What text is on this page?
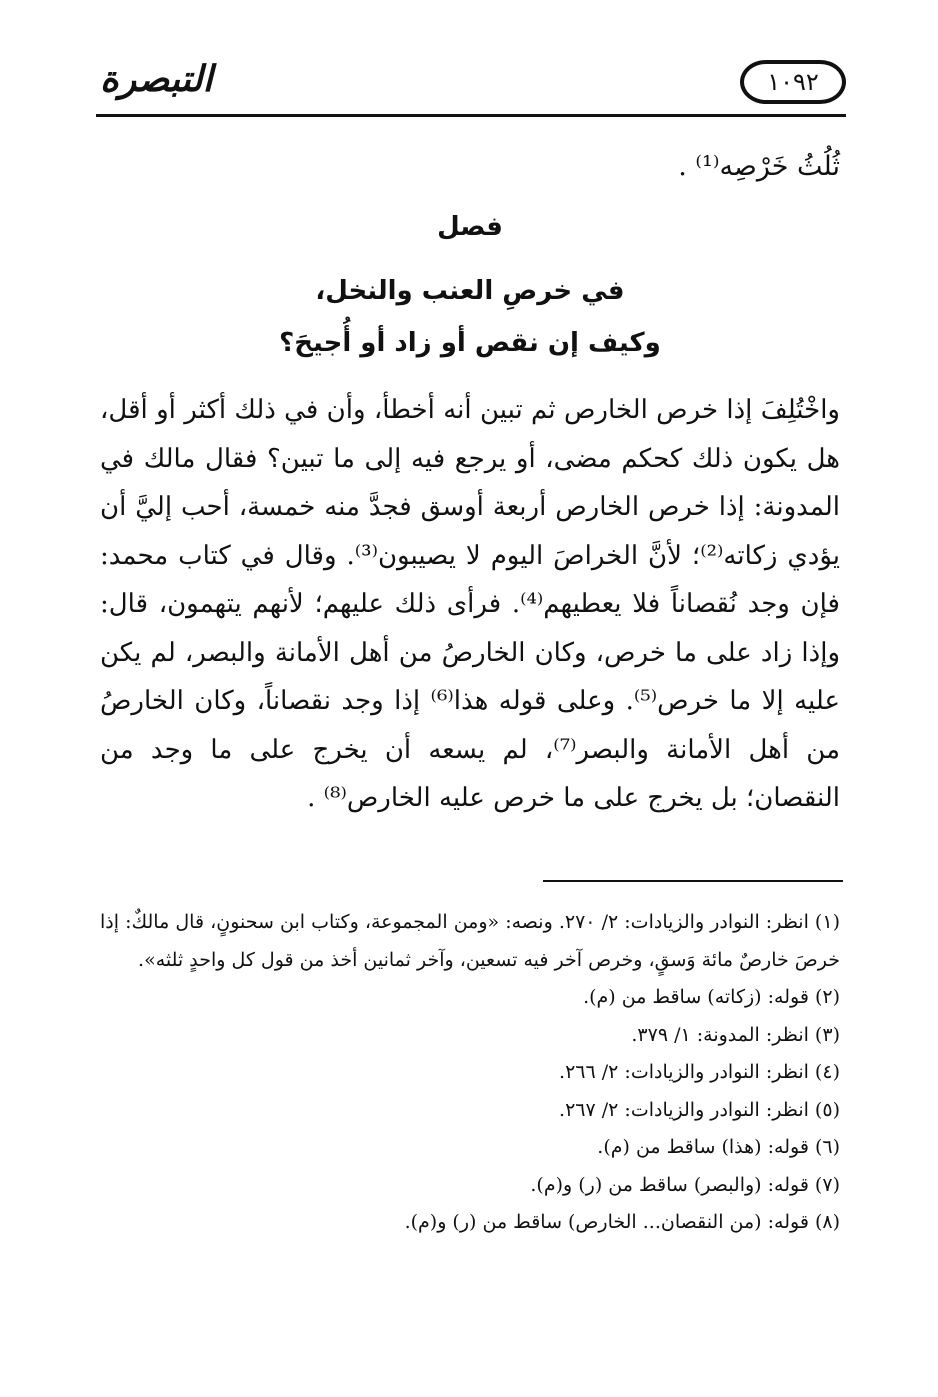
التبصرة	١٠٩٢
ثُلُثُ خَرْصِه⁽¹⁾ .
فصل
في خرصِ العنب والنخل،
وكيف إن نقص أو زاد أو أُجيحَ؟
واخْتُلِفَ إذا خرص الخارص ثم تبين أنه أخطأ، وأن في ذلك أكثر أو أقل، هل يكون ذلك كحكم مضى، أو يرجع فيه إلى ما تبين؟ فقال مالك في المدونة: إذا خرص الخارص أربعة أوسق فجدَّ منه خمسة، أحب إليَّ أن يؤدي زكاته⁽²⁾؛ لأنَّ الخراصَ اليوم لا يصيبون⁽³⁾. وقال في كتاب محمد: فإن وجد نُقصاناً فلا يعطيهم⁽⁴⁾. فرأى ذلك عليهم؛ لأنهم يتهمون، قال: وإذا زاد على ما خرص، وكان الخارصُ من أهل الأمانة والبصر، لم يكن عليه إلا ما خرص⁽⁵⁾. وعلى قوله هذا⁽⁶⁾ إذا وجد نقصاناً، وكان الخارصُ من أهل الأمانة والبصر⁽⁷⁾، لم يسعه أن يخرج على ما وجد من النقصان؛ بل يخرج على ما خرص عليه الخارص⁽⁸⁾ .

(١) انظر: النوادر والزيادات: ٢/ ٢٧٠. ونصه: «ومن المجموعة، وكتاب ابن سحنونٍ، قال مالكٌ: إذا خرصَ خارصٌ مائة وَسقٍ، وخرص آخر فيه تسعين، وآخر ثمانين أخذ من قول كل واحدٍ ثلثه».

(٢) قوله: (زكاته) ساقط من (م).

(٣) انظر: المدونة: ١/ ٣٧٩.

(٤) انظر: النوادر والزيادات: ٢/ ٢٦٦.

(٥) انظر: النوادر والزيادات: ٢/ ٢٦٧.

(٦) قوله: (هذا) ساقط من (م).

(٧) قوله: (والبصر) ساقط من (ر) و(م).

(٨) قوله: (من النقصان... الخارص) ساقط من (ر) و(م).
